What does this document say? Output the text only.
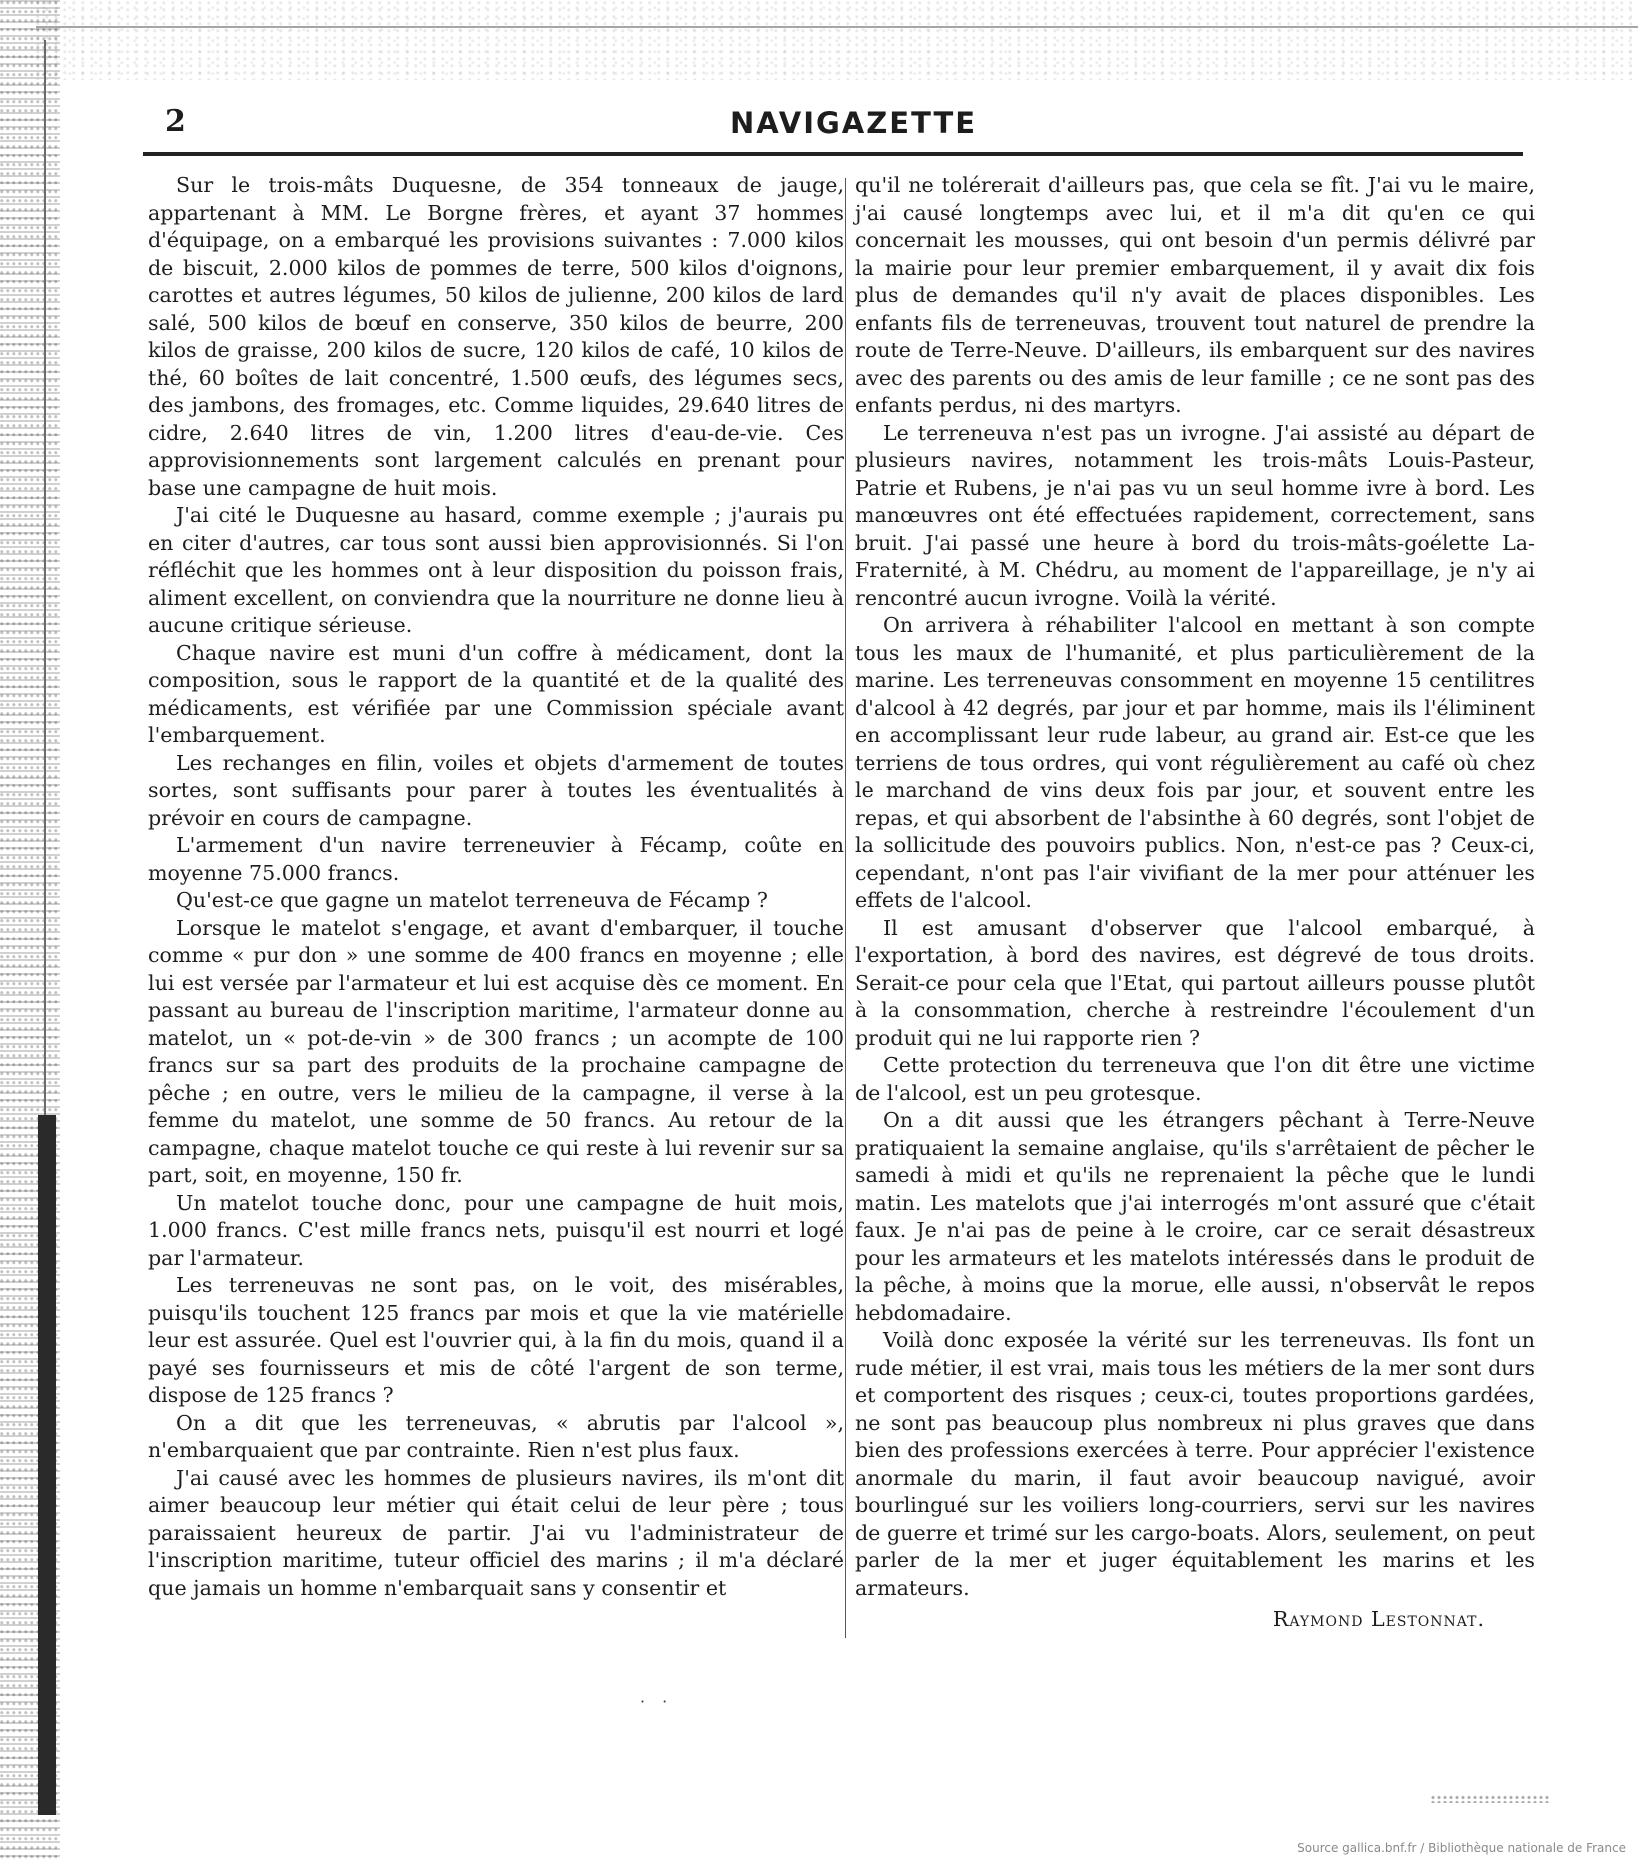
2	NAVIGAZETTE

Sur le trois-mâts Duquesne, de 354 tonneaux de jauge, appartenant à MM. Le Borgne frères, et ayant 37 hommes d'équipage, on a embarqué les provisions suivantes : 7.000 kilos de biscuit, 2.000 kilos de pommes de terre, 500 kilos d'oignons, carottes et autres légumes, 50 kilos de julienne, 200 kilos de lard salé, 500 kilos de bœuf en conserve, 350 kilos de beurre, 200 kilos de graisse, 200 kilos de sucre, 120 kilos de café, 10 kilos de thé, 60 boîtes de lait concentré, 1.500 œufs, des légumes secs, des jambons, des fromages, etc. Comme liquides, 29.640 litres de cidre, 2.640 litres de vin, 1.200 litres d'eau-de-vie. Ces approvisionnements sont largement calculés en prenant pour base une campagne de huit mois.

J'ai cité le Duquesne au hasard, comme exemple ; j'aurais pu en citer d'autres, car tous sont aussi bien approvisionnés. Si l'on réfléchit que les hommes ont à leur disposition du poisson frais, aliment excellent, on conviendra que la nourriture ne donne lieu à aucune critique sérieuse.

Chaque navire est muni d'un coffre à médicament, dont la composition, sous le rapport de la quantité et de la qualité des médicaments, est vérifiée par une Commission spéciale avant l'embarquement.

Les rechanges en filin, voiles et objets d'armement de toutes sortes, sont suffisants pour parer à toutes les éventualités à prévoir en cours de campagne.

L'armement d'un navire terreneuvier à Fécamp, coûte en moyenne 75.000 francs.

Qu'est-ce que gagne un matelot terreneuva de Fécamp ?

Lorsque le matelot s'engage, et avant d'embarquer, il touche comme « pur don » une somme de 400 francs en moyenne ; elle lui est versée par l'armateur et lui est acquise dès ce moment. En passant au bureau de l'inscription maritime, l'armateur donne au matelot, un « pot-de-vin » de 300 francs ; un acompte de 100 francs sur sa part des produits de la prochaine campagne de pêche ; en outre, vers le milieu de la campagne, il verse à la femme du matelot, une somme de 50 francs. Au retour de la campagne, chaque matelot touche ce qui reste à lui revenir sur sa part, soit, en moyenne, 150 fr.

Un matelot touche donc, pour une campagne de huit mois, 1.000 francs. C'est mille francs nets, puisqu'il est nourri et logé par l'armateur.

Les terreneuvas ne sont pas, on le voit, des misérables, puisqu'ils touchent 125 francs par mois et que la vie matérielle leur est assurée. Quel est l'ouvrier qui, à la fin du mois, quand il a payé ses fournisseurs et mis de côté l'argent de son terme, dispose de 125 francs ?

On a dit que les terreneuvas, « abrutis par l'alcool », n'embarquaient que par contrainte. Rien n'est plus faux.

J'ai causé avec les hommes de plusieurs navires, ils m'ont dit aimer beaucoup leur métier qui était celui de leur père ; tous paraissaient heureux de partir. J'ai vu l'administrateur de l'inscription maritime, tuteur officiel des marins ; il m'a déclaré que jamais un homme n'embarquait sans y consentir et

qu'il ne tolérerait d'ailleurs pas, que cela se fît. J'ai vu le maire, j'ai causé longtemps avec lui, et il m'a dit qu'en ce qui concernait les mousses, qui ont besoin d'un permis délivré par la mairie pour leur premier embarquement, il y avait dix fois plus de demandes qu'il n'y avait de places disponibles. Les enfants fils de terreneuvas, trouvent tout naturel de prendre la route de Terre-Neuve. D'ailleurs, ils embarquent sur des navires avec des parents ou des amis de leur famille ; ce ne sont pas des enfants perdus, ni des martyrs.

Le terreneuva n'est pas un ivrogne. J'ai assisté au départ de plusieurs navires, notamment les trois-mâts Louis-Pasteur, Patrie et Rubens, je n'ai pas vu un seul homme ivre à bord. Les manœuvres ont été effectuées rapidement, correctement, sans bruit. J'ai passé une heure à bord du trois-mâts-goélette La-Fraternité, à M. Chédru, au moment de l'appareillage, je n'y ai rencontré aucun ivrogne. Voilà la vérité.

On arrivera à réhabiliter l'alcool en mettant à son compte tous les maux de l'humanité, et plus particulièrement de la marine. Les terreneuvas consomment en moyenne 15 centilitres d'alcool à 42 degrés, par jour et par homme, mais ils l'éliminent en accomplissant leur rude labeur, au grand air. Est-ce que les terriens de tous ordres, qui vont régulièrement au café où chez le marchand de vins deux fois par jour, et souvent entre les repas, et qui absorbent de l'absinthe à 60 degrés, sont l'objet de la sollicitude des pouvoirs publics. Non, n'est-ce pas ? Ceux-ci, cependant, n'ont pas l'air vivifiant de la mer pour atténuer les effets de l'alcool.

Il est amusant d'observer que l'alcool embarqué, à l'exportation, à bord des navires, est dégrevé de tous droits. Serait-ce pour cela que l'Etat, qui partout ailleurs pousse plutôt à la consommation, cherche à restreindre l'écoulement d'un produit qui ne lui rapporte rien ?

Cette protection du terreneuva que l'on dit être une victime de l'alcool, est un peu grotesque.

On a dit aussi que les étrangers pêchant à Terre-Neuve pratiquaient la semaine anglaise, qu'ils s'arrêtaient de pêcher le samedi à midi et qu'ils ne reprenaient la pêche que le lundi matin. Les matelots que j'ai interrogés m'ont assuré que c'était faux. Je n'ai pas de peine à le croire, car ce serait désastreux pour les armateurs et les matelots intéressés dans le produit de la pêche, à moins que la morue, elle aussi, n'observât le repos hebdomadaire.

Voilà donc exposée la vérité sur les terreneuvas. Ils font un rude métier, il est vrai, mais tous les métiers de la mer sont durs et comportent des risques ; ceux-ci, toutes proportions gardées, ne sont pas beaucoup plus nombreux ni plus graves que dans bien des professions exercées à terre. Pour apprécier l'existence anormale du marin, il faut avoir beaucoup navigué, avoir bourlingué sur les voiliers long-courriers, servi sur les navires de guerre et trimé sur les cargo-boats. Alors, seulement, on peut parler de la mer et juger équitablement les marins et les armateurs.

Raymond Lestonnat.
· ·
Source gallica.bnf.fr / Bibliothèque nationale de France
